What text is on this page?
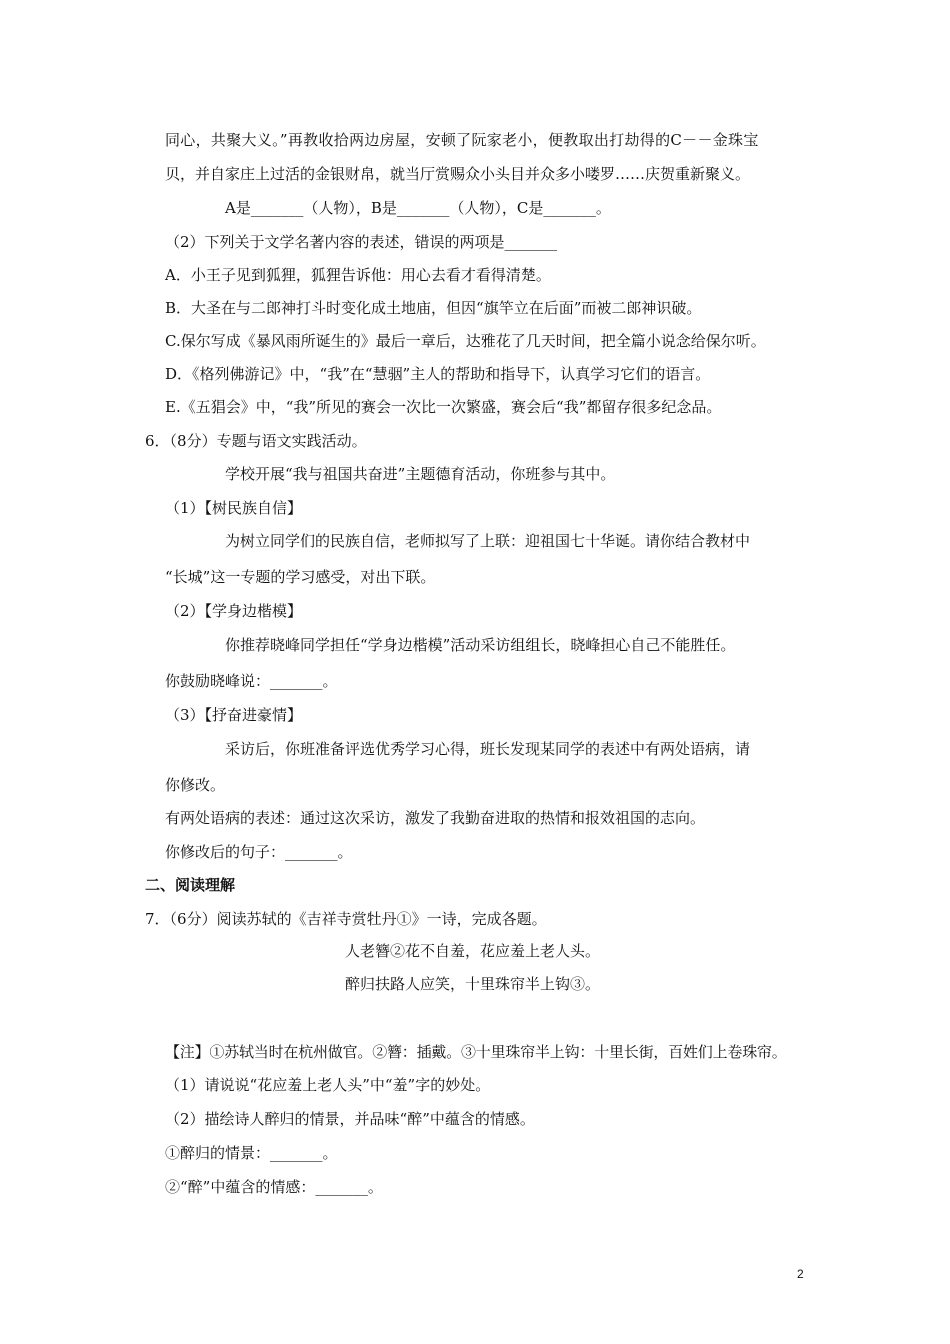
同心，共聚大义。”再教收拾两边房屋，安顿了阮家老小，便教取出打劫得的C－－金珠宝
贝，并自家庄上过活的金银财帛，就当厅赏赐众小头目并众多小喽罗……庆贺重新聚义。
A是_______（人物），B是_______（人物），C是_______。
（2）下列关于文学名著内容的表述，错误的两项是_______
A．小王子见到狐狸，狐狸告诉他：用心去看才看得清楚。
B．大圣在与二郎神打斗时变化成土地庙，但因“旗竿立在后面”而被二郎神识破。
C.保尔写成《暴风雨所诞生的》最后一章后，达雅花了几天时间，把全篇小说念给保尔听。
D．《格列佛游记》中，“我”在“慧骃”主人的帮助和指导下，认真学习它们的语言。
E.《五猖会》中，“我”所见的赛会一次比一次繁盛，赛会后“我”都留存很多纪念品。
6．（8分）专题与语文实践活动。
学校开展“我与祖国共奋进”主题德育活动，你班参与其中。
（1）【树民族自信】
为树立同学们的民族自信，老师拟写了上联：迎祖国七十华诞。请你结合教材中
“长城”这一专题的学习感受，对出下联。
（2）【学身边楷模】
你推荐晓峰同学担任“学身边楷模”活动采访组组长，晓峰担心自己不能胜任。
你鼓励晓峰说：_______。
（3）【抒奋进豪情】
采访后，你班准备评选优秀学习心得，班长发现某同学的表述中有两处语病，请
你修改。
有两处语病的表述：通过这次采访，激发了我勤奋进取的热情和报效祖国的志向。
你修改后的句子：_______。
二、阅读理解
7．（6分）阅读苏轼的《吉祥寺赏牡丹①》一诗，完成各题。
人老簪②花不自羞，花应羞上老人头。
醉归扶路人应笑，十里珠帘半上钩③。
【注】①苏轼当时在杭州做官。②簪：插戴。③十里珠帘半上钩：十里长街，百姓们上卷珠帘。
（1）请说说“花应羞上老人头”中“羞”字的妙处。
（2）描绘诗人醉归的情景，并品味“醉”中蕴含的情感。
①醉归的情景：_______。
②“醉”中蕴含的情感：_______。
2
